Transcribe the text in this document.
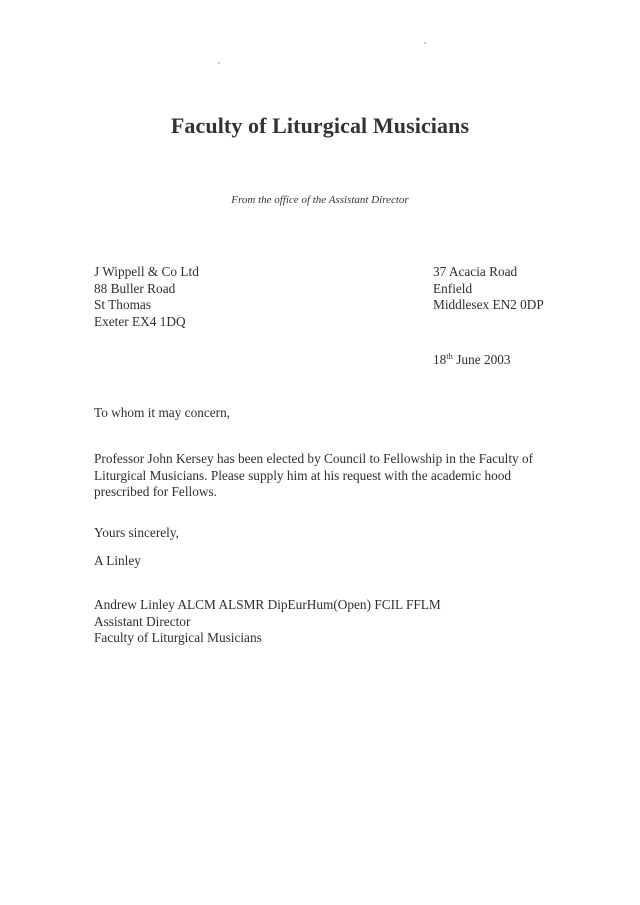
Faculty of Liturgical Musicians
From the office of the Assistant Director
J Wippell & Co Ltd
88 Buller Road
St Thomas
Exeter EX4 1DQ
37 Acacia Road
Enfield
Middlesex EN2 0DP
18th June 2003
To whom it may concern,
Professor John Kersey has been elected by Council to Fellowship in the Faculty of Liturgical Musicians. Please supply him at his request with the academic hood prescribed for Fellows.
Yours sincerely,
A Linley
Andrew Linley ALCM ALSMR DipEurHum(Open) FCIL FFLM
Assistant Director
Faculty of Liturgical Musicians
